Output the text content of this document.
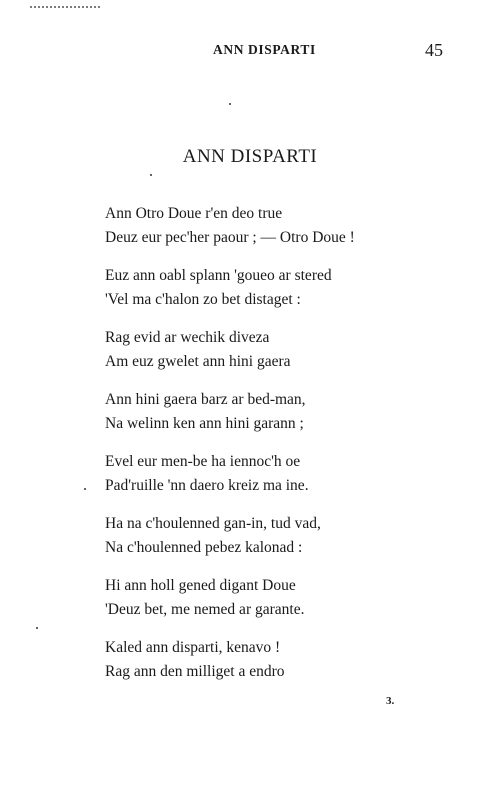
ANN DISPARTI	45
ANN DISPARTI
Ann Otro Doue r'en deo true
Deuz eur pec'her paour ; — Otro Doue !
Euz ann oabl splann 'goueo ar stered
'Vel ma c'halon zo bet distaget :
Rag evid ar wechik diveza
Am euz gwelet ann hini gaera
Ann hini gaera barz ar bed-man,
Na welinn ken ann hini garann ;
Evel eur men-be ha iennoc'h oe
Pad'ruille 'nn daero kreiz ma ine.
Ha na c'houlenned gan-in, tud vad,
Na c'houlenned pebez kalonad :
Hi ann holl gened digant Doue
'Deuz bet, me nemed ar garante.
Kaled ann disparti, kenavo !
Rag ann den milliget a endro
3.
